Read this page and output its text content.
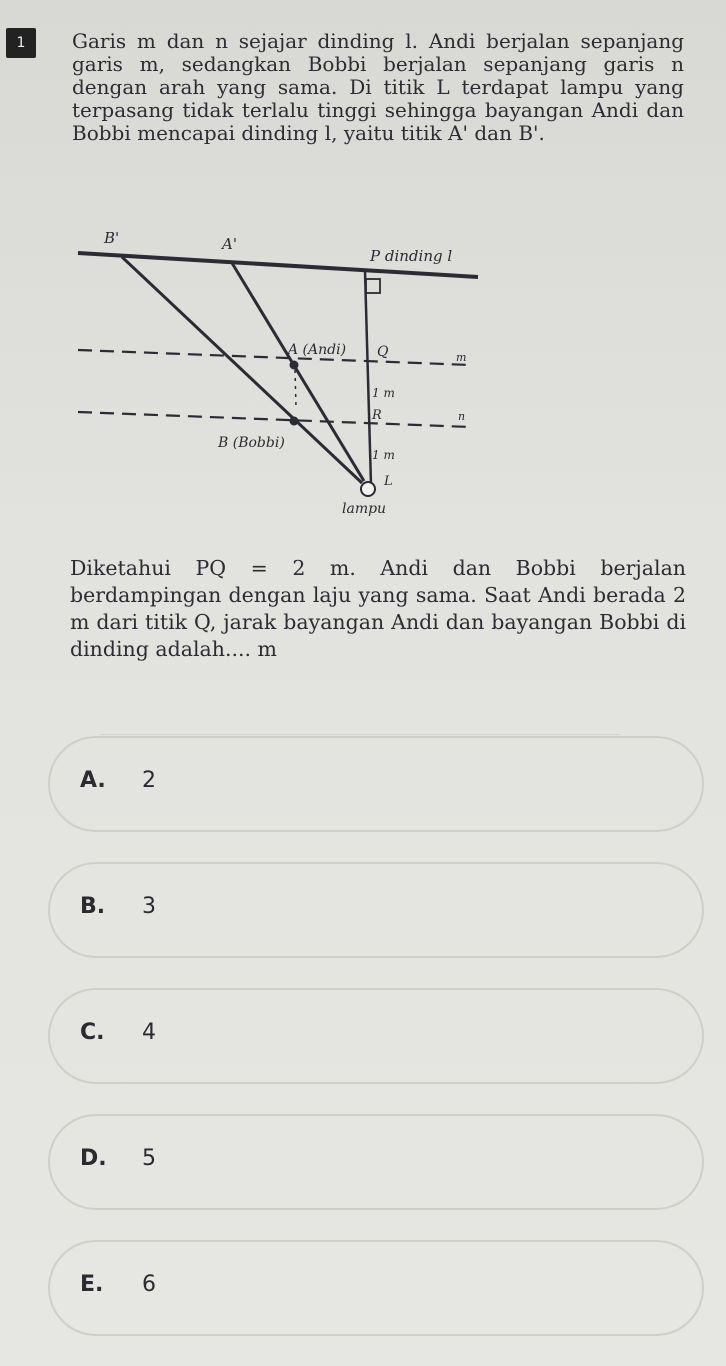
1	Garis m dan n sejajar dinding l. Andi berjalan sepanjang garis m, sedangkan Bobbi berjalan sepanjang garis n dengan arah yang sama. Di titik L terdapat lampu yang terpasang tidak terlalu tinggi sehingga bayangan Andi dan Bobbi mencapai dinding l, yaitu titik A' dan B'.
B'	A'
P dinding l
A (Andi) Q	m
1 m
R	n
B (Bobbi)
1 m
L
lampu
Diketahui PQ = 2 m. Andi dan Bobbi berjalan berdampingan dengan laju yang sama. Saat Andi berada 2 m dari titik Q, jarak bayangan Andi dan bayangan Bobbi di dinding adalah.... m
A. 2
B. 3
C. 4
D. 5
E. 6
